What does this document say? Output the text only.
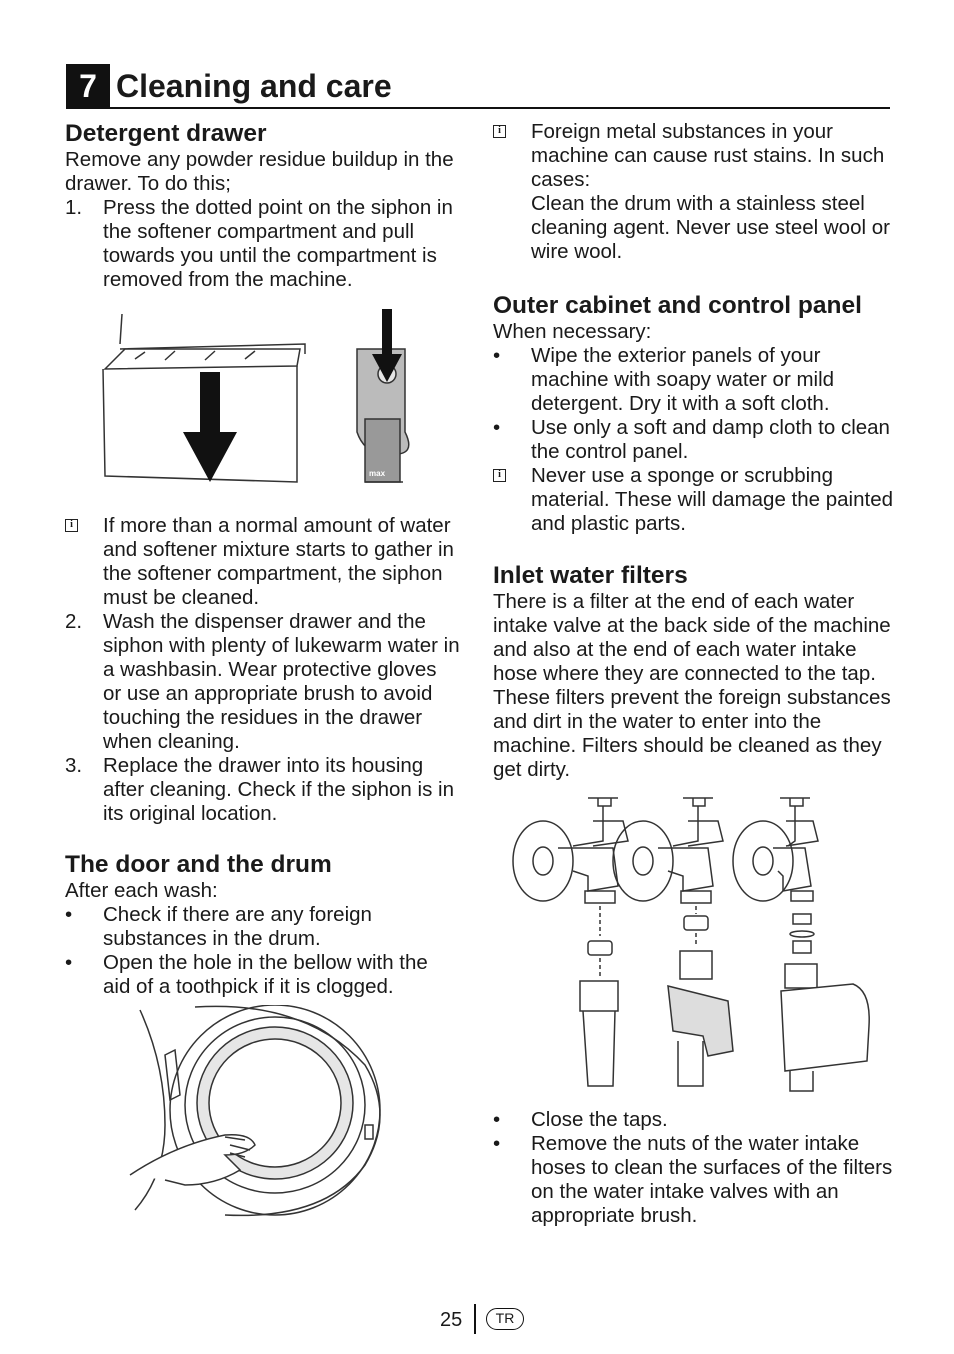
7 Cleaning and care
Detergent drawer

Remove any powder residue buildup in the drawer. To do this;

1.	Press the dotted point on the siphon in the softener compartment and pull towards you until the compartment is removed from the machine.
max
i If more than a normal amount of water and softener mixture starts to gather in the softener compartment, the siphon must be cleaned.
2.	Wash the dispenser drawer and the siphon with plenty of lukewarm water in a washbasin. Wear protective gloves or use an appropriate brush to avoid touching the residues in the drawer when cleaning.
3.	Replace the drawer into its housing after cleaning. Check if the siphon is in its original location.
The door and the drum

After each wash:

•	Check if there are any foreign substances in the drum.
•	Open the hole in the bellow with the aid of a toothpick if it is clogged.
i Foreign metal substances in your machine can cause rust stains. In such cases:
Clean the drum with a stainless steel cleaning agent. Never use steel wool or wire wool.
Outer cabinet and control panel

When necessary:

•	Wipe the exterior panels of your machine with soapy water or mild detergent. Dry it with a soft cloth.
•	Use only a soft and damp cloth to clean the control panel.
i Never use a sponge or scrubbing material. These will damage the painted and plastic parts.
Inlet water filters

There is a filter at the end of each water intake valve at the back side of the machine and also at the end of each water intake hose where they are connected to the tap. These filters prevent the foreign substances and dirt in the water to enter into the machine. Filters should be cleaned as they get dirty.

•	Close the taps.
•	Remove the nuts of the water intake hoses to clean the surfaces of the filters on the water intake valves with an appropriate brush.
25	TR
